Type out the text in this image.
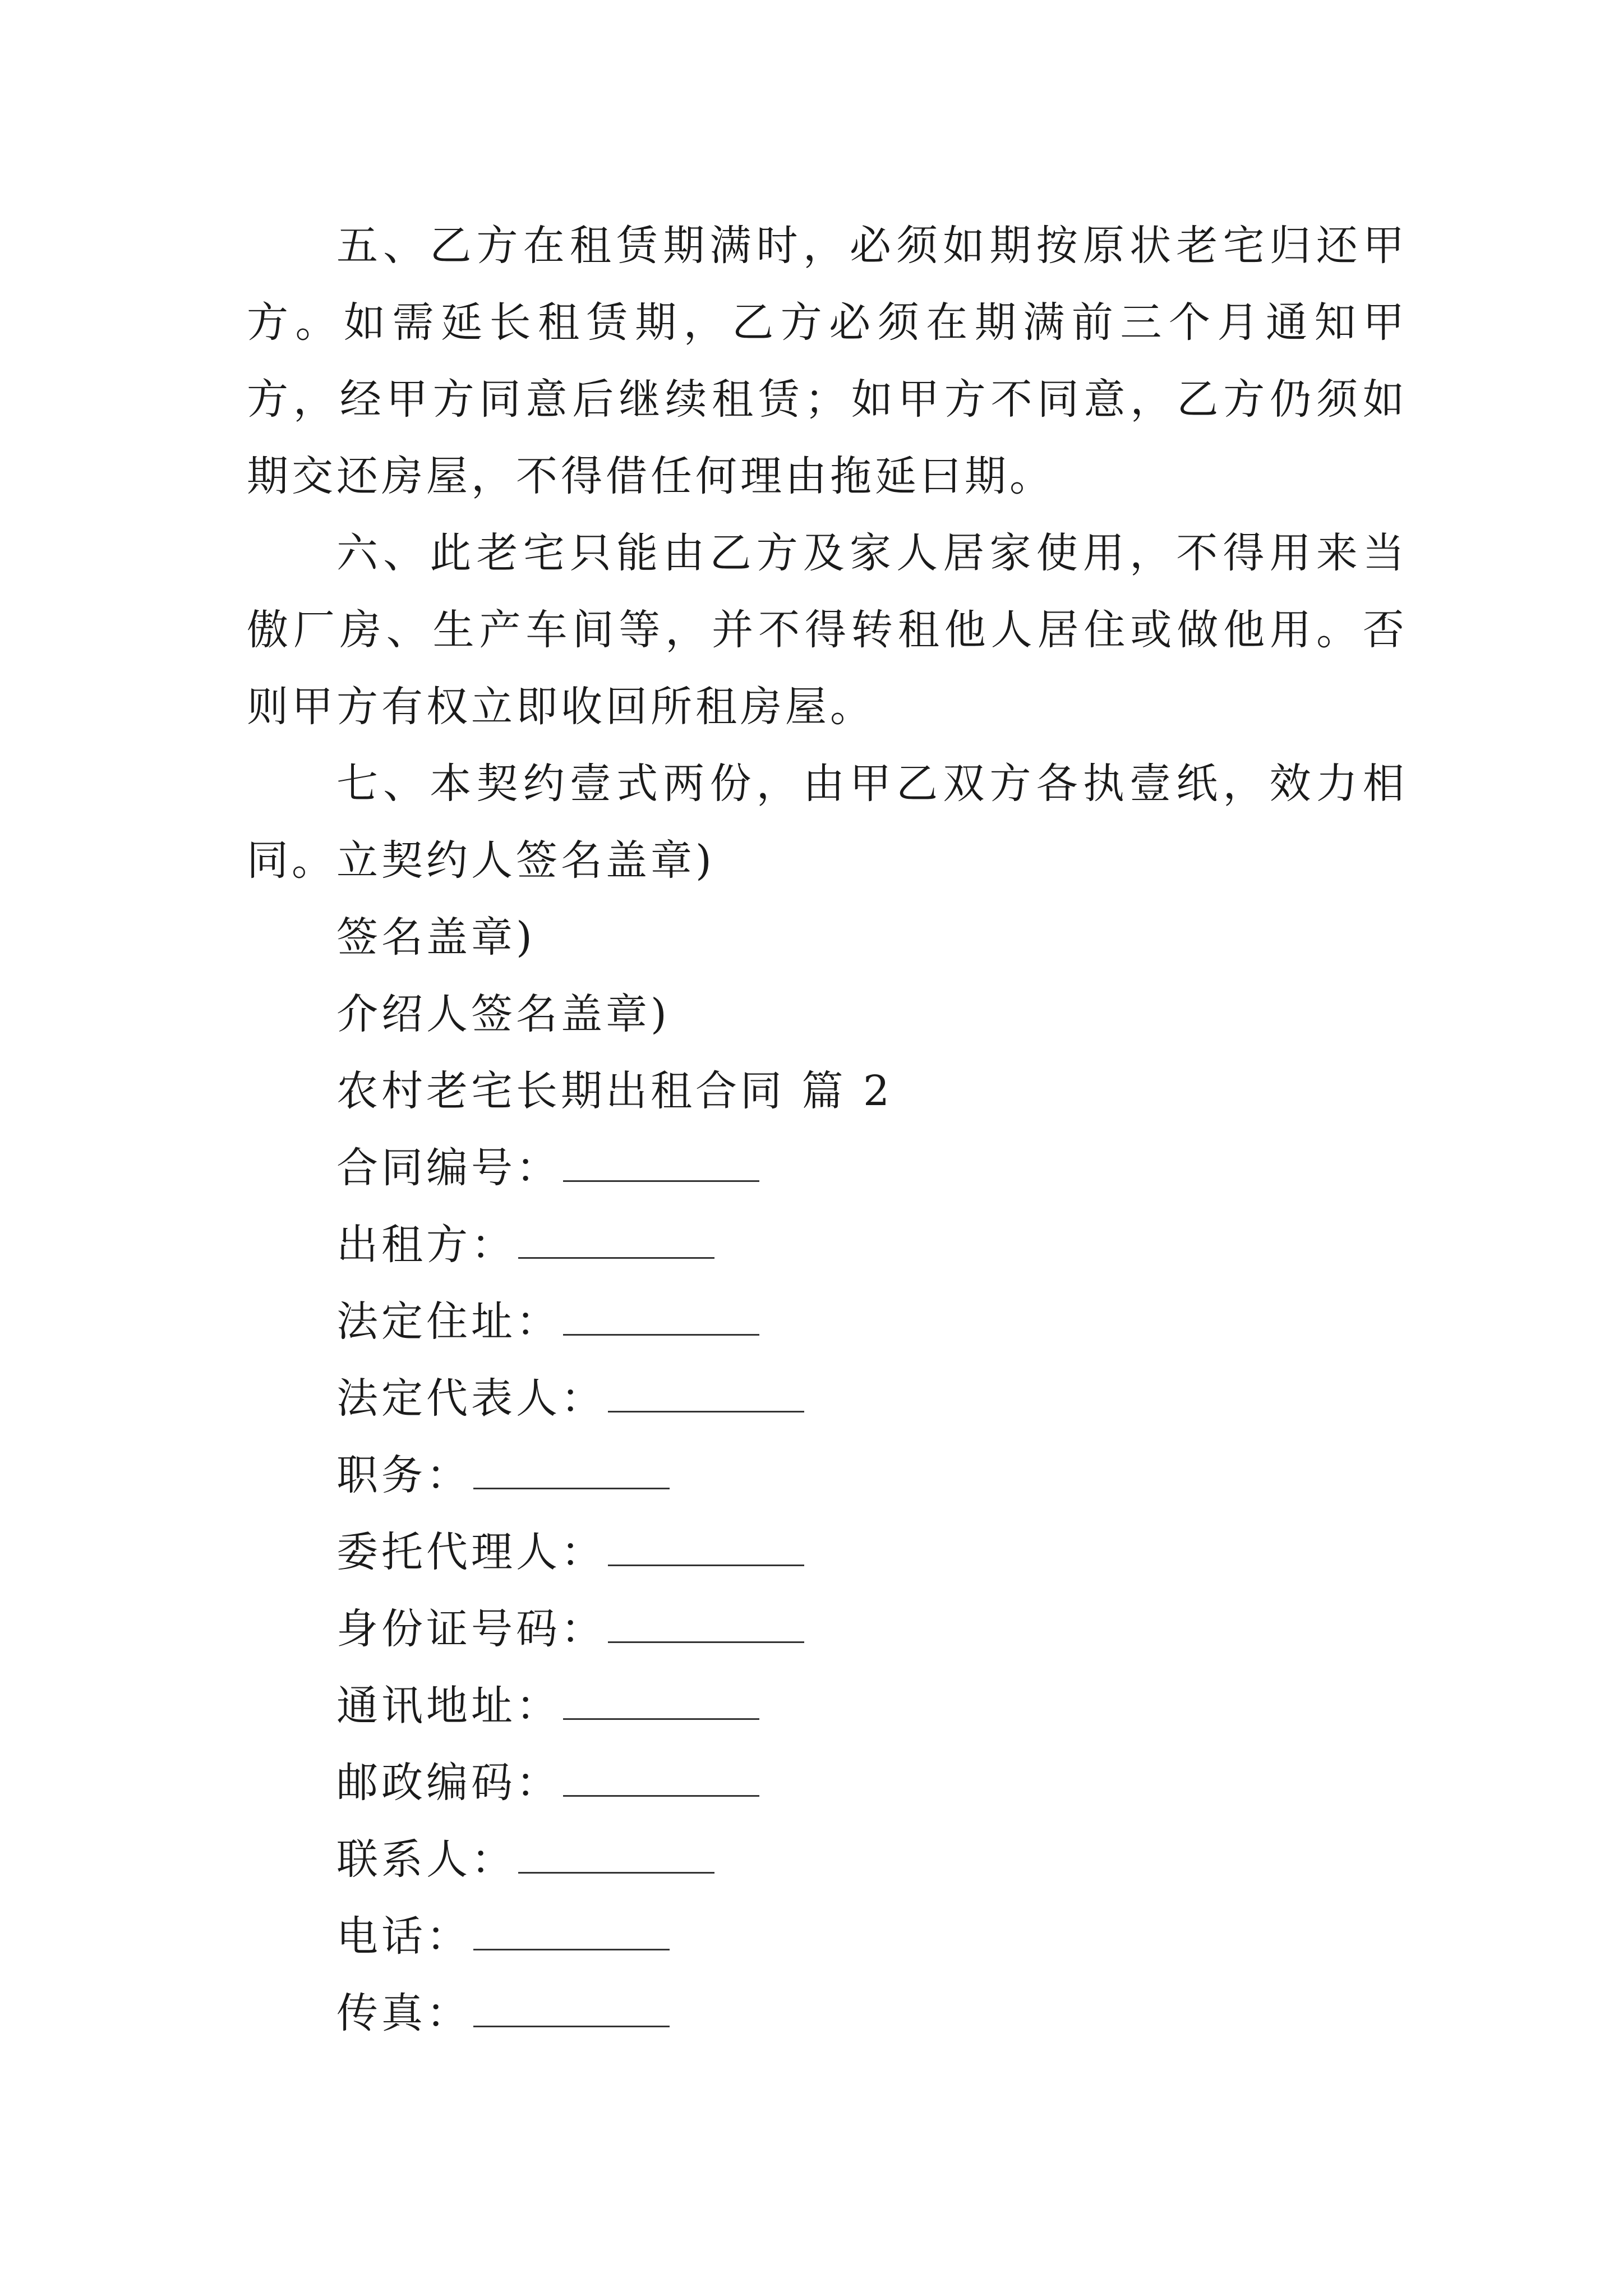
五、乙方在租赁期满时，必须如期按原状老宅归还甲方。如需延长租赁期，乙方必须在期满前三个月通知甲方，经甲方同意后继续租赁；如甲方不同意，乙方仍须如期交还房屋，不得借任何理由拖延曰期。

六、此老宅只能由乙方及家人居家使用，不得用来当傲厂房、生产车间等，并不得转租他人居住或做他用。否则甲方有权立即收回所租房屋。

七、本契约壹式两份，由甲乙双方各执壹纸，效力相同。 立契约人签名盖章)

签名盖章)

介绍人签名盖章)

农村老宅长期出租合同 篇 2

合同编号：

出租方：

法定住址：

法定代表人：

职务：

委托代理人：

身份证号码：

通讯地址：

邮政编码：

联系人：

电话：

传真：
